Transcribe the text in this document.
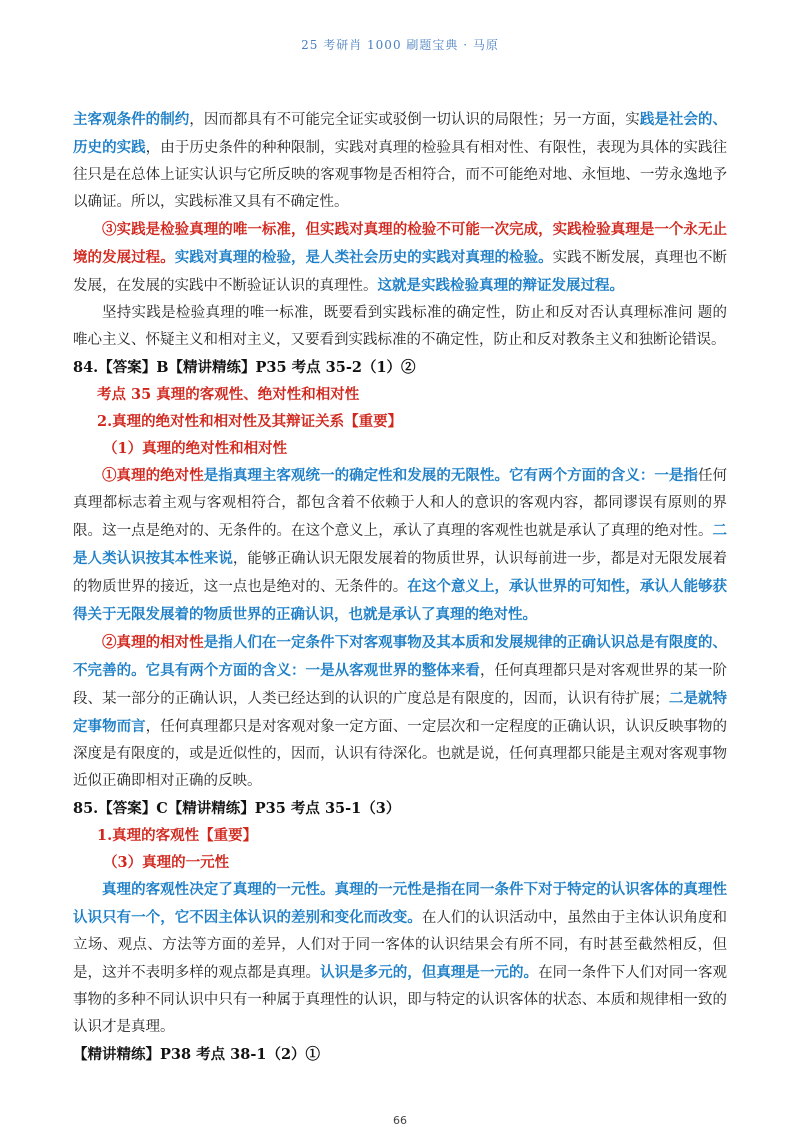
25 考研肖 1000 刷题宝典 · 马原

主客观条件的制约，因而都具有不可能完全证实或驳倒一切认识的局限性；另一方面，实践是社会的、历史的实践，由于历史条件的种种限制，实践对真理的检验具有相对性、有限性，表现为具体的实践往往只是在总体上证实认识与它所反映的客观事物是否相符合，而不可能绝对地、永恒地、一劳永逸地予以确证。所以，实践标准又具有不确定性。

③实践是检验真理的唯一标准，但实践对真理的检验不可能一次完成，实践检验真理是一个永无止境的发展过程。实践对真理的检验，是人类社会历史的实践对真理的检验。实践不断发展，真理也不断发展，在发展的实践中不断验证认识的真理性。这就是实践检验真理的辩证发展过程。

坚持实践是检验真理的唯一标准，既要看到实践标准的确定性，防止和反对否认真理标准问 题的唯心主义、怀疑主义和相对主义，又要看到实践标准的不确定性，防止和反对教条主义和独断论错误。

84.【答案】B【精讲精练】P35 考点 35-2（1）②

考点 35 真理的客观性、绝对性和相对性

2.真理的绝对性和相对性及其辩证关系【重要】

（1）真理的绝对性和相对性

①真理的绝对性是指真理主客观统一的确定性和发展的无限性。它有两个方面的含义：一是指任何真理都标志着主观与客观相符合，都包含着不依赖于人和人的意识的客观内容，都同谬误有原则的界限。这一点是绝对的、无条件的。在这个意义上，承认了真理的客观性也就是承认了真理的绝对性。二是人类认识按其本性来说，能够正确认识无限发展着的物质世界，认识每前进一步，都是对无限发展着的物质世界的接近，这一点也是绝对的、无条件的。在这个意义上，承认世界的可知性，承认人能够获得关于无限发展着的物质世界的正确认识，也就是承认了真理的绝对性。

②真理的相对性是指人们在一定条件下对客观事物及其本质和发展规律的正确认识总是有限度的、不完善的。它具有两个方面的含义：一是从客观世界的整体来看，任何真理都只是对客观世界的某一阶段、某一部分的正确认识，人类已经达到的认识的广度总是有限度的，因而，认识有待扩展；二是就特定事物而言，任何真理都只是对客观对象一定方面、一定层次和一定程度的正确认识，认识反映事物的深度是有限度的，或是近似性的，因而，认识有待深化。也就是说，任何真理都只能是主观对客观事物近似正确即相对正确的反映。

85.【答案】C【精讲精练】P35 考点 35-1（3）

1.真理的客观性【重要】

（3）真理的一元性

真理的客观性决定了真理的一元性。真理的一元性是指在同一条件下对于特定的认识客体的真理性认识只有一个，它不因主体认识的差别和变化而改变。在人们的认识活动中，虽然由于主体认识角度和立场、观点、方法等方面的差异，人们对于同一客体的认识结果会有所不同，有时甚至截然相反，但是，这并不表明多样的观点都是真理。认识是多元的，但真理是一元的。在同一条件下人们对同一客观事物的多种不同认识中只有一种属于真理性的认识，即与特定的认识客体的状态、本质和规律相一致的认识才是真理。

【精讲精练】P38 考点 38-1（2）①

66
